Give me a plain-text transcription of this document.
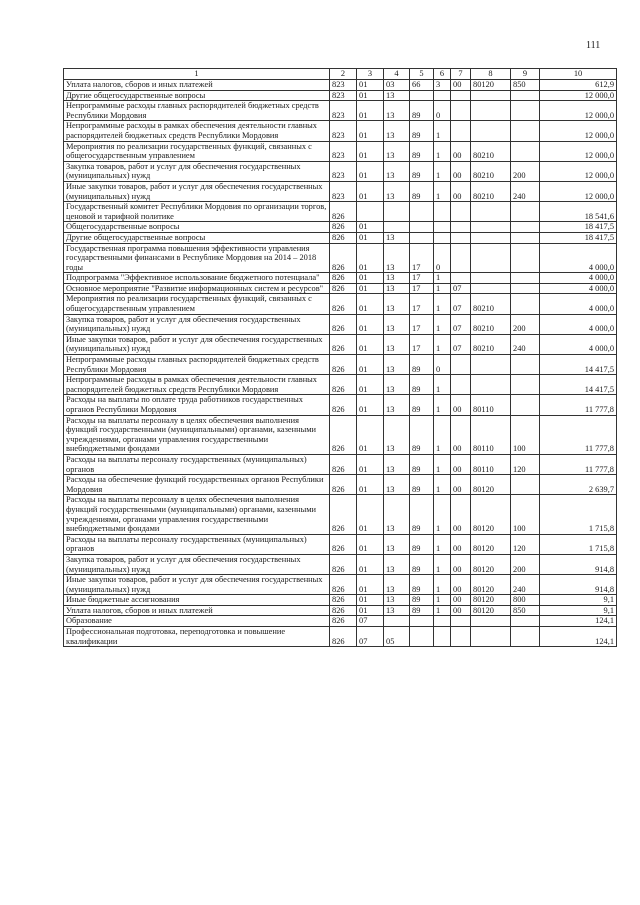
111
1	2	3	4	5	6	7	8	9	10
Уплата налогов, сборов и иных платежей	823	01	03	66	3	00	80120	850	612,9
Другие общегосударственные вопросы	823	01	13						12 000,0
Непрограммные расходы главных распорядителей бюджетных средств Республики Мордовия	823	01	13	89	0				12 000,0
Непрограммные расходы в рамках обеспечения деятельности главных распорядителей бюджетных средств Республики Мордовия	823	01	13	89	1				12 000,0
Мероприятия по реализации государственных функций, связанных с общегосударственным управлением	823	01	13	89	1	00	80210		12 000,0
Закупка товаров, работ и услуг для обеспечения государственных (муниципальных) нужд	823	01	13	89	1	00	80210	200	12 000,0
Иные закупки товаров, работ и услуг для обеспечения государственных (муниципальных) нужд	823	01	13	89	1	00	80210	240	12 000,0
Государственный комитет Республики Мордовия по организации торгов, ценовой и тарифной политике	826								18 541,6
Общегосударственные вопросы	826	01							18 417,5
Другие общегосударственные вопросы	826	01	13						18 417,5
Государственная программа повышения эффективности управления государственными финансами в Республике Мордовия на 2014 – 2018 годы	826	01	13	17	0				4 000,0
Подпрограмма "Эффективное использование бюджетного потенциала"	826	01	13	17	1				4 000,0
Основное мероприятие "Развитие информационных систем и ресурсов"	826	01	13	17	1	07			4 000,0
Мероприятия по реализации государственных функций, связанных с общегосударственным управлением	826	01	13	17	1	07	80210		4 000,0
Закупка товаров, работ и услуг для обеспечения государственных (муниципальных) нужд	826	01	13	17	1	07	80210	200	4 000,0
Иные закупки товаров, работ и услуг для обеспечения государственных (муниципальных) нужд	826	01	13	17	1	07	80210	240	4 000,0
Непрограммные расходы главных распорядителей бюджетных средств Республики Мордовия	826	01	13	89	0				14 417,5
Непрограммные расходы в рамках обеспечения деятельности главных распорядителей бюджетных средств Республики Мордовия	826	01	13	89	1				14 417,5
Расходы на выплаты по оплате труда работников государственных органов Республики Мордовия	826	01	13	89	1	00	80110		11 777,8
Расходы на выплаты персоналу в целях обеспечения выполнения функций государственными (муниципальными) органами, казенными учреждениями, органами управления государственными внебюджетными фондами	826	01	13	89	1	00	80110	100	11 777,8
Расходы на выплаты персоналу государственных (муниципальных) органов	826	01	13	89	1	00	80110	120	11 777,8
Расходы на обеспечение функций государственных органов Республики Мордовия	826	01	13	89	1	00	80120		2 639,7
Расходы на выплаты персоналу в целях обеспечения выполнения функций государственными (муниципальными) органами, казенными учреждениями, органами управления государственными внебюджетными фондами	826	01	13	89	1	00	80120	100	1 715,8
Расходы на выплаты персоналу государственных (муниципальных) органов	826	01	13	89	1	00	80120	120	1 715,8
Закупка товаров, работ и услуг для обеспечения государственных (муниципальных) нужд	826	01	13	89	1	00	80120	200	914,8
Иные закупки товаров, работ и услуг для обеспечения государственных (муниципальных) нужд	826	01	13	89	1	00	80120	240	914,8
Иные бюджетные ассигнования	826	01	13	89	1	00	80120	800	9,1
Уплата налогов, сборов и иных платежей	826	01	13	89	1	00	80120	850	9,1
Образование	826	07							124,1
Профессиональная подготовка, переподготовка и повышение квалификации	826	07	05						124,1
